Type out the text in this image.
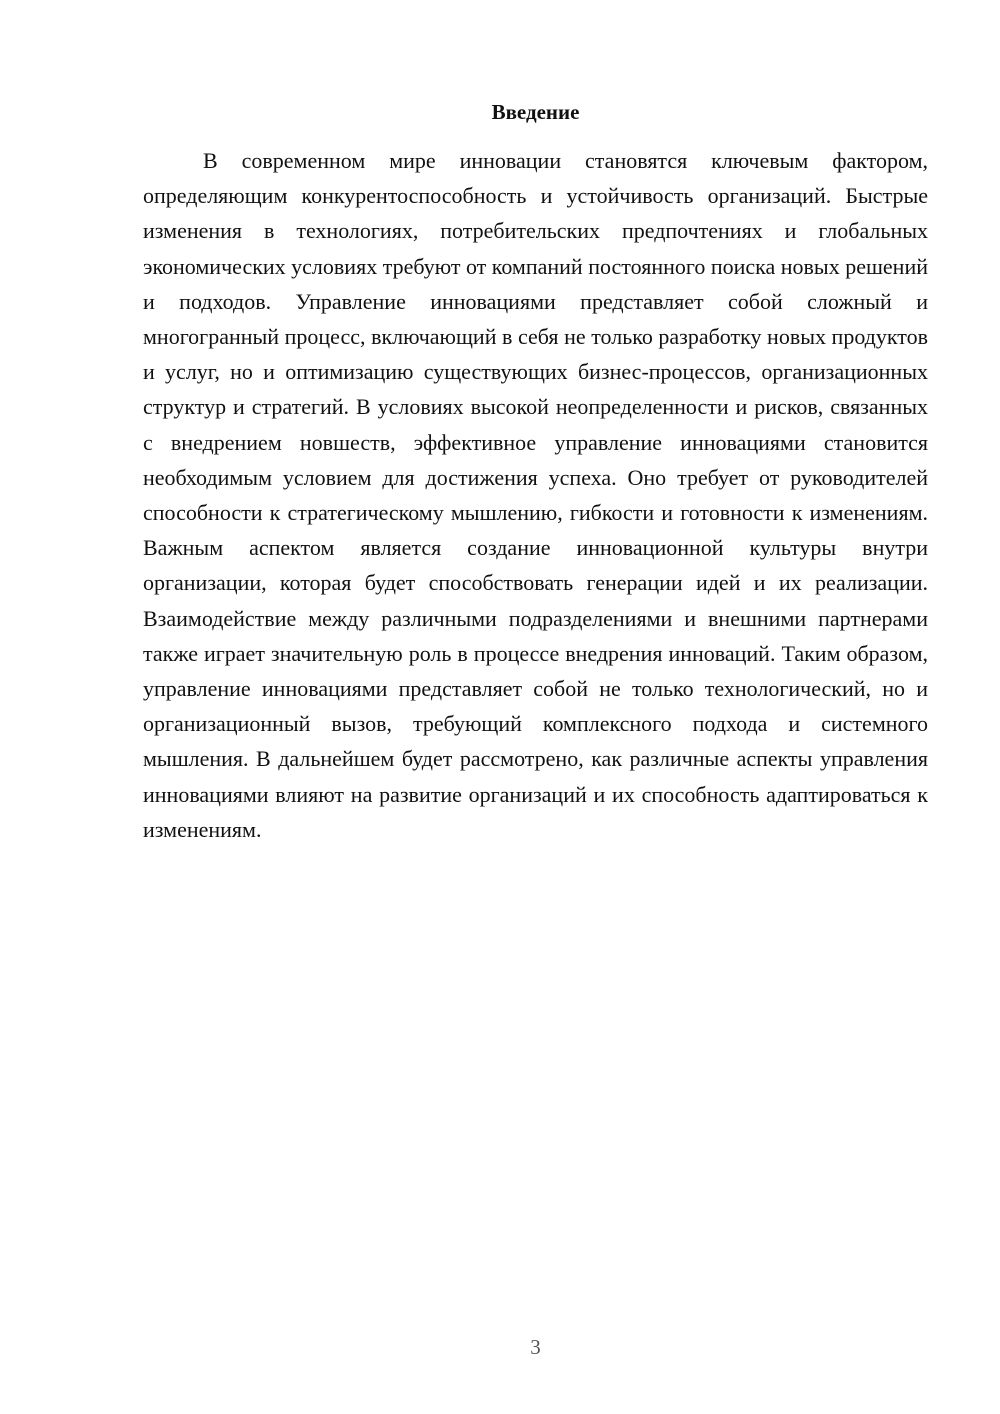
Введение

В современном мире инновации становятся ключевым фактором, определяющим конкурентоспособность и устойчивость организаций. Быстрые изменения в технологиях, потребительских предпочтениях и глобальных экономических условиях требуют от компаний постоянного поиска новых решений и подходов. Управление инновациями представляет собой сложный и многогранный процесс, включающий в себя не только разработку новых продуктов и услуг, но и оптимизацию существующих бизнес-процессов, организационных структур и стратегий. В условиях высокой неопределенности и рисков, связанных с внедрением новшеств, эффективное управление инновациями становится необходимым условием для достижения успеха. Оно требует от руководителей способности к стратегическому мышлению, гибкости и готовности к изменениям. Важным аспектом является создание инновационной культуры внутри организации, которая будет способствовать генерации идей и их реализации. Взаимодействие между различными подразделениями и внешними партнерами также играет значительную роль в процессе внедрения инноваций. Таким образом, управление инновациями представляет собой не только технологический, но и организационный вызов, требующий комплексного подхода и системного мышления. В дальнейшем будет рассмотрено, как различные аспекты управления инновациями влияют на развитие организаций и их способность адаптироваться к изменениям.

3
